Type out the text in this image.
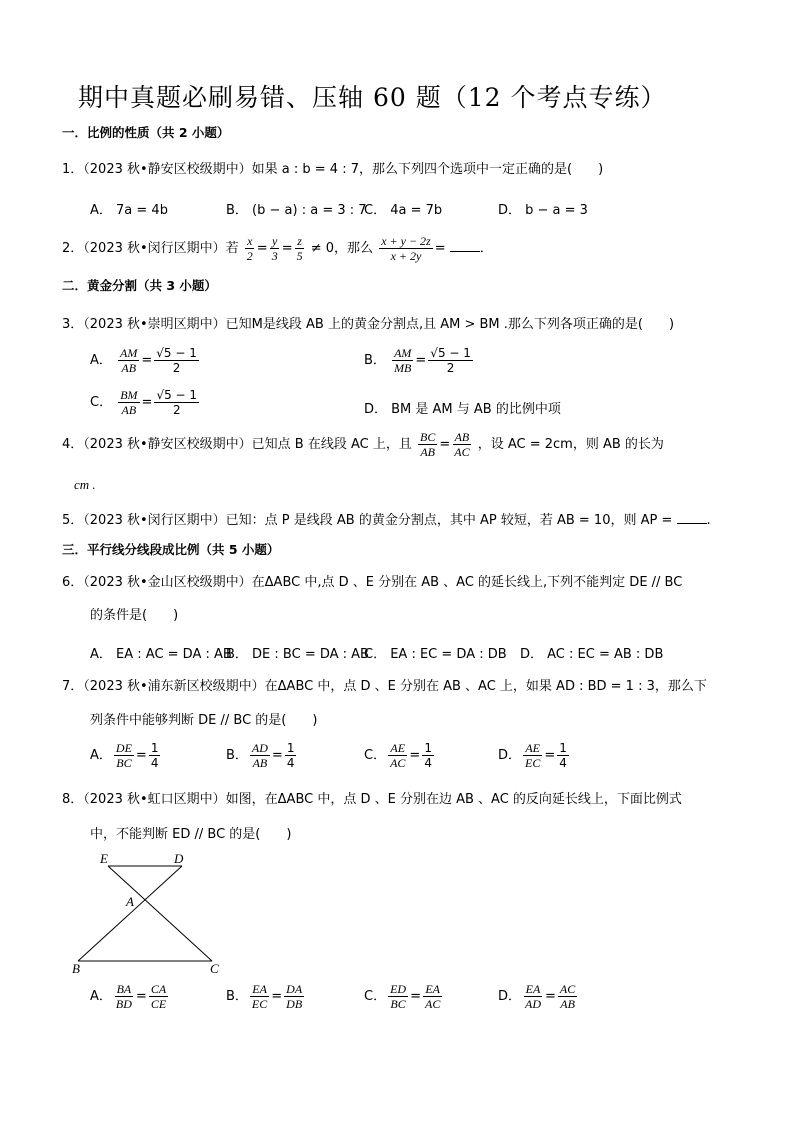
期中真题必刷易错、压轴 60 题（12 个考点专练）
一．比例的性质（共 2 小题）
1．（2023 秋•静安区校级期中）如果 a : b = 4 : 7，那么下列四个选项中一定正确的是(　　)
A． 7a = 4b	B． (b − a) : a = 3 : 7
C． 4a = 7b	D． b − a = 3
2．（2023 秋•闵行区期中）若 $\frac{x}{2} = \frac{y}{3} = \frac{z}{5} \ne 0$，那么 $\frac{x + y - 2z}{x + 2y}$ = ．
二．黄金分割（共 3 小题）
3．（2023 秋•崇明区期中）已知M是线段 AB 上的黄金分割点,且 AM > BM .那么下列各项正确的是(　　)
A． $\frac{AM}{AB} = \frac{√5 - 1}{2}$	B． $\frac{AM}{MB} = \frac{√5 - 1}{2}$
C． $\frac{BM}{AB} = \frac{√5 - 1}{2}$	D． BM 是 AM 与 AB 的比例中项
4．（2023 秋•静安区校级期中）已知点 B 在线段 AC 上，且 $\frac{BC}{AB} = \frac{AB}{AC}$ ，设 AC = 2cm，则 AB 的长为
cm .
5．（2023 秋•闵行区期中）已知：点 P 是线段 AB 的黄金分割点，其中 AP 较短，若 AB = 10，则 AP =	.
三．平行线分线段成比例（共 5 小题）
6．（2023 秋•金山区校级期中）在ΔABC 中,点 D 、E 分别在 AB 、AC 的延长线上,下列不能判定 DE // BC
的条件是(　　)
A． EA : AC = DA : AB
B． DE : BC = DA : AB
C． EA : EC = DA : DB D． AC : EC = AB : DB
7．（2023 秋•浦东新区校级期中）在ΔABC 中，点 D 、E 分别在 AB 、AC 上，如果 AD : BD = 1 : 3，那么下
列条件中能够判断 DE // BC 的是(　　)
A． $\frac{DE}{BC} = \frac{1}{4}$	B． $\frac{AD}{AB} = \frac{1}{4}$	C． $\frac{AE}{AC} = \frac{1}{4}$	D． $\frac{AE}{EC} = \frac{1}{4}$
8．（2023 秋•虹口区期中）如图，在ΔABC 中，点 D 、E 分别在边 AB 、AC 的反向延长线上，下面比例式
中，不能判断 ED // BC 的是(　　)
E	D
A
B	C
A． $\frac{BA}{BD} = \frac{CA}{CE}$	B． $\frac{EA}{EC} = \frac{DA}{DB}$	C． $\frac{ED}{BC} = \frac{EA}{AC}$	D． $\frac{EA}{AD} = \frac{AC}{AB}$
